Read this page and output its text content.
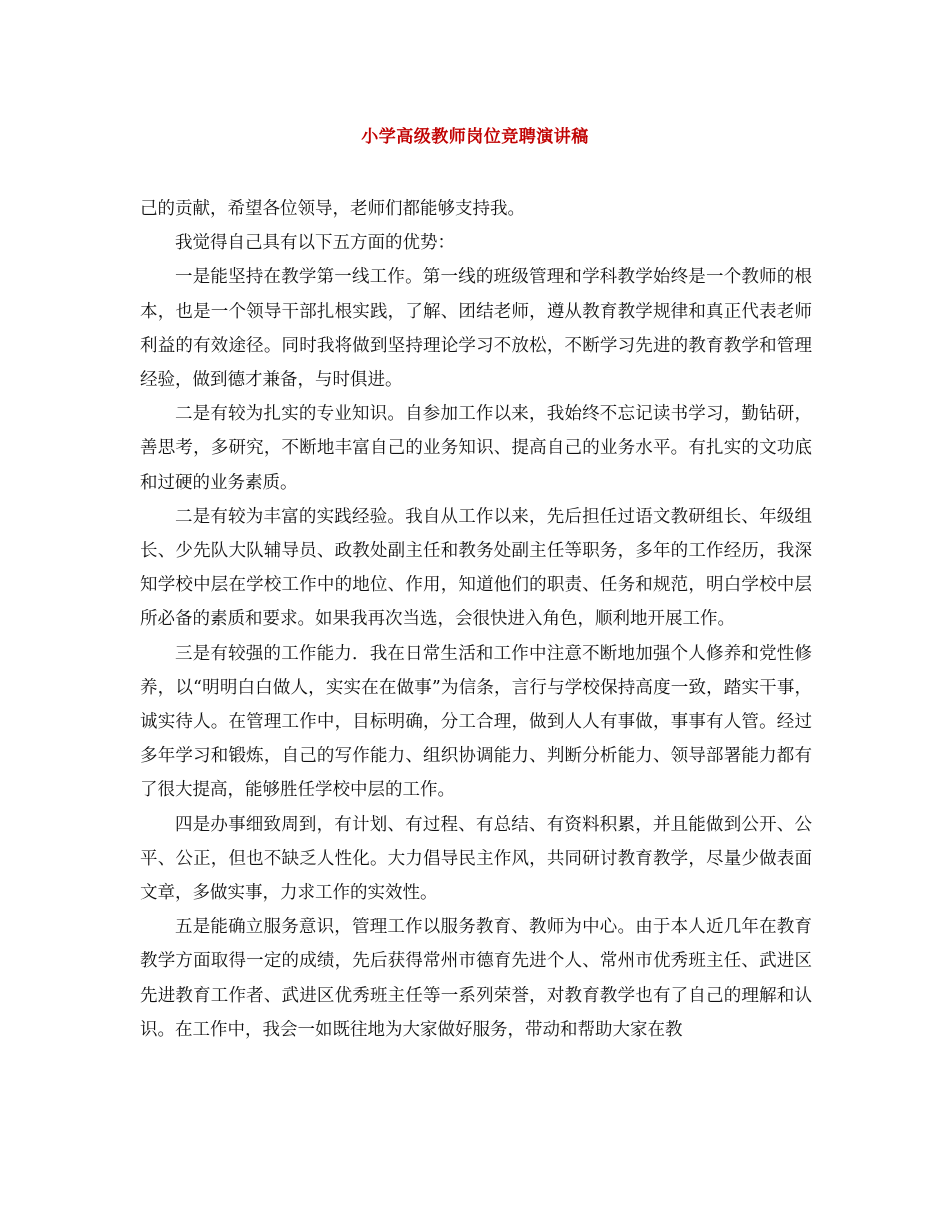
小学高级教师岗位竞聘演讲稿

己的贡献，希望各位领导，老师们都能够支持我。

我觉得自己具有以下五方面的优势：

一是能坚持在教学第一线工作。第一线的班级管理和学科教学始终是一个教师的根本，也是一个领导干部扎根实践，了解、团结老师，遵从教育教学规律和真正代表老师利益的有效途径。同时我将做到坚持理论学习不放松，不断学习先进的教育教学和管理经验，做到德才兼备，与时俱进。

二是有较为扎实的专业知识。自参加工作以来，我始终不忘记读书学习，勤钻研，善思考，多研究，不断地丰富自己的业务知识、提高自己的业务水平。有扎实的文功底和过硬的业务素质。

二是有较为丰富的实践经验。我自从工作以来，先后担任过语文教研组长、年级组长、少先队大队辅导员、政教处副主任和教务处副主任等职务，多年的工作经历，我深知学校中层在学校工作中的地位、作用，知道他们的职责、任务和规范，明白学校中层所必备的素质和要求。如果我再次当选，会很快进入角色，顺利地开展工作。

三是有较强的工作能力．我在日常生活和工作中注意不断地加强个人修养和党性修养，以“明明白白做人，实实在在做事”为信条，言行与学校保持高度一致，踏实干事，诚实待人。在管理工作中，目标明确，分工合理，做到人人有事做，事事有人管。经过多年学习和锻炼，自己的写作能力、组织协调能力、判断分析能力、领导部署能力都有了很大提高，能够胜任学校中层的工作。

四是办事细致周到，有计划、有过程、有总结、有资料积累，并且能做到公开、公平、公正，但也不缺乏人性化。大力倡导民主作风，共同研讨教育教学，尽量少做表面文章，多做实事，力求工作的实效性。

五是能确立服务意识，管理工作以服务教育、教师为中心。由于本人近几年在教育教学方面取得一定的成绩，先后获得常州市德育先进个人、常州市优秀班主任、武进区先进教育工作者、武进区优秀班主任等一系列荣誉，对教育教学也有了自己的理解和认识。在工作中，我会一如既往地为大家做好服务，带动和帮助大家在教
